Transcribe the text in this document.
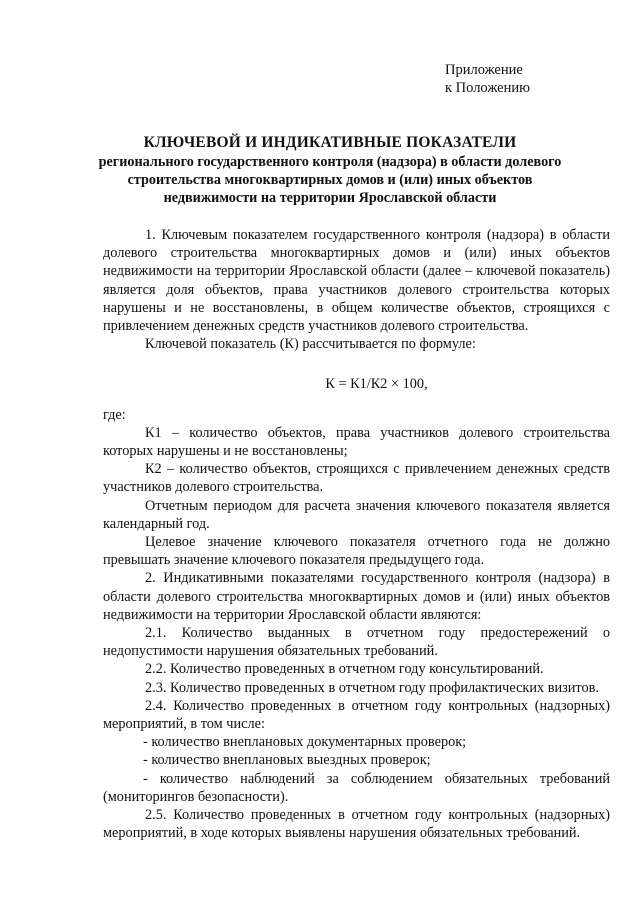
Приложение
к Положению
КЛЮЧЕВОЙ И ИНДИКАТИВНЫЕ ПОКАЗАТЕЛИ
регионального государственного контроля (надзора) в области долевого строительства многоквартирных домов и (или) иных объектов недвижимости на территории Ярославской области

1. Ключевым показателем государственного контроля (надзора) в области долевого строительства многоквартирных домов и (или) иных объектов недвижимости на территории Ярославской области (далее – ключевой показатель) является доля объектов, права участников долевого строительства которых нарушены и не восстановлены, в общем количестве объектов, строящихся с привлечением денежных средств участников долевого строительства.

Ключевой показатель (К) рассчитывается по формуле:

К = К1/К2 × 100,

где:

К1 – количество объектов, права участников долевого строительства которых нарушены и не восстановлены;

К2 – количество объектов, строящихся с привлечением денежных средств участников долевого строительства.

Отчетным периодом для расчета значения ключевого показателя является календарный год.

Целевое значение ключевого показателя отчетного года не должно превышать значение ключевого показателя предыдущего года.

2. Индикативными показателями государственного контроля (надзора) в области долевого строительства многоквартирных домов и (или) иных объектов недвижимости на территории Ярославской области являются:

2.1. Количество выданных в отчетном году предостережений о недопустимости нарушения обязательных требований.

2.2. Количество проведенных в отчетном году консультирований.

2.3. Количество проведенных в отчетном году профилактических визитов.

2.4. Количество проведенных в отчетном году контрольных (надзорных) мероприятий, в том числе:

- количество внеплановых документарных проверок;

- количество внеплановых выездных проверок;

- количество наблюдений за соблюдением обязательных требований (мониторингов безопасности).

2.5. Количество проведенных в отчетном году контрольных (надзорных) мероприятий, в ходе которых выявлены нарушения обязательных требований.
